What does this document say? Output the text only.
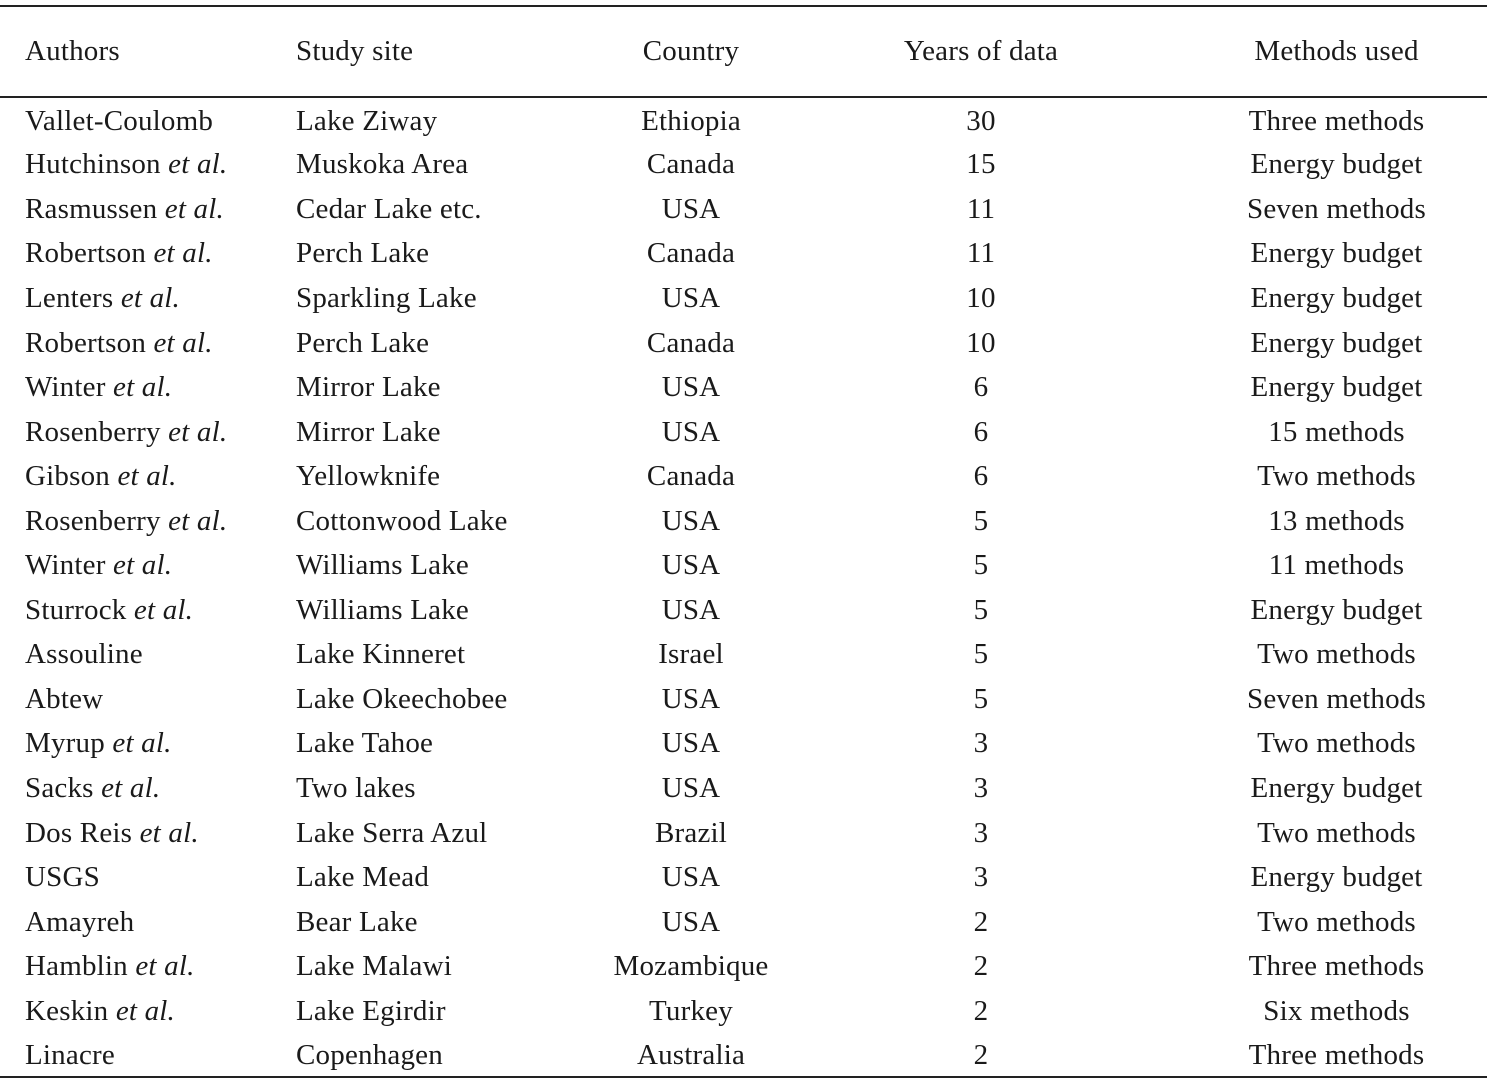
Authors	Study site	Country	Years of data	Methods used
Vallet-Coulomb	Lake Ziway	Ethiopia	30	Three methods
Hutchinson et al.	Muskoka Area	Canada	15	Energy budget
Rasmussen et al.	Cedar Lake etc.	USA	11	Seven methods
Robertson et al.	Perch Lake	Canada	11	Energy budget
Lenters et al.	Sparkling Lake	USA	10	Energy budget
Robertson et al.	Perch Lake	Canada	10	Energy budget
Winter et al.	Mirror Lake	USA	6	Energy budget
Rosenberry et al.	Mirror Lake	USA	6	15 methods
Gibson et al.	Yellowknife	Canada	6	Two methods
Rosenberry et al.	Cottonwood Lake	USA	5	13 methods
Winter et al.	Williams Lake	USA	5	11 methods
Sturrock et al.	Williams Lake	USA	5	Energy budget
Assouline	Lake Kinneret	Israel	5	Two methods
Abtew	Lake Okeechobee	USA	5	Seven methods
Myrup et al.	Lake Tahoe	USA	3	Two methods
Sacks et al.	Two lakes	USA	3	Energy budget
Dos Reis et al.	Lake Serra Azul	Brazil	3	Two methods
USGS	Lake Mead	USA	3	Energy budget
Amayreh	Bear Lake	USA	2	Two methods
Hamblin et al.	Lake Malawi	Mozambique	2	Three methods
Keskin et al.	Lake Egirdir	Turkey	2	Six methods
Linacre	Copenhagen	Australia	2	Three methods
